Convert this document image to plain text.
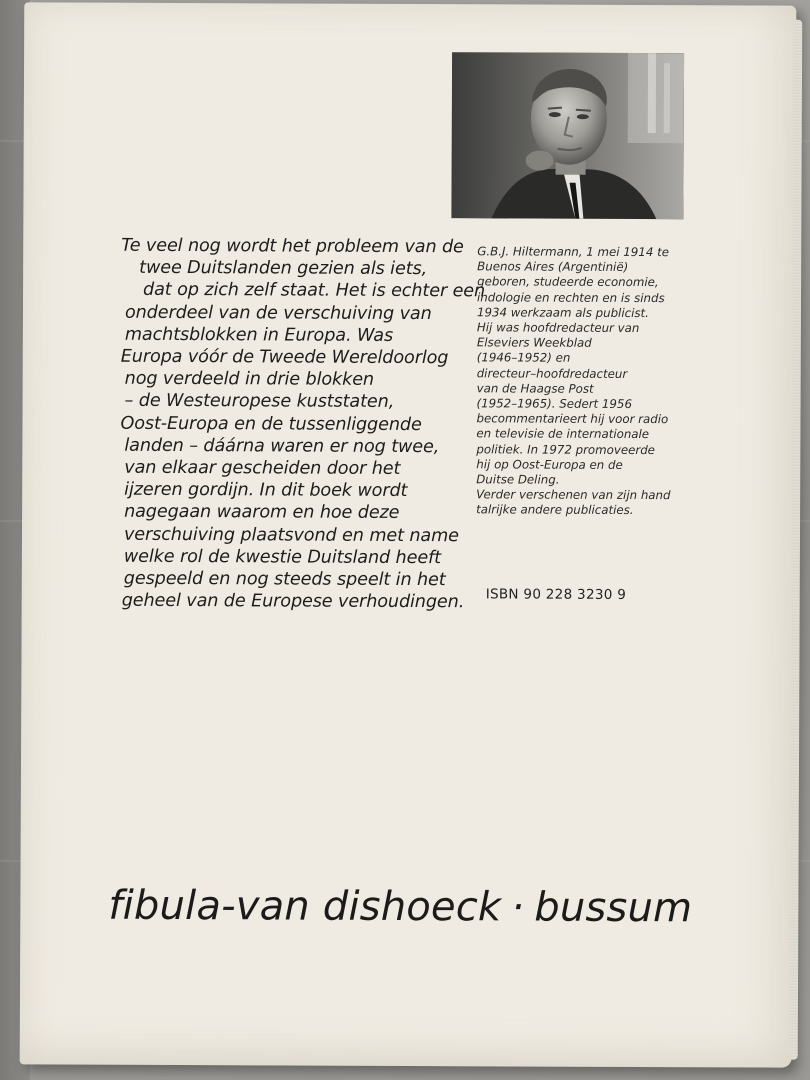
Te veel nog wordt het probleem van de
twee Duitslanden gezien als iets,
dat op zich zelf staat. Het is echter een
onderdeel van de verschuiving van
machtsblokken in Europa. Was
Europa vóór de Tweede Wereldoorlog
nog verdeeld in drie blokken
– de Westeuropese kuststaten,
Oost-Europa en de tussenliggende
landen – dáárna waren er nog twee,
van elkaar gescheiden door het
ijzeren gordijn. In dit boek wordt
nagegaan waarom en hoe deze
verschuiving plaatsvond en met name
welke rol de kwestie Duitsland heeft
gespeeld en nog steeds speelt in het
geheel van de Europese verhoudingen.
G.B.J. Hiltermann, 1 mei 1914 te
Buenos Aires (Argentinië)
geboren, studeerde economie,
indologie en rechten en is sinds
1934 werkzaam als publicist.
Hij was hoofdredacteur van
Elseviers Weekblad
(1946–1952) en
directeur–hoofdredacteur
van de Haagse Post
(1952–1965). Sedert 1956
becommentarieert hij voor radio
en televisie de internationale
politiek. In 1972 promoveerde
hij op Oost-Europa en de
Duitse Deling.
Verder verschenen van zijn hand
talrijke andere publicaties.
ISBN 90 228 3230 9
fibula-van dishoeck · bussum
